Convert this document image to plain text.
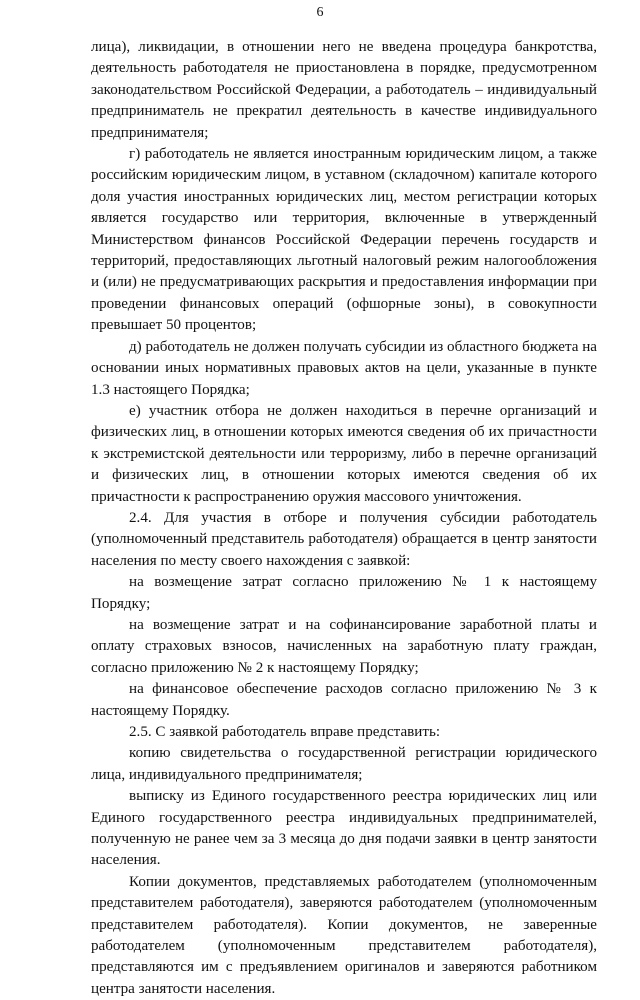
6

лица), ликвидации, в отношении него не введена процедура банкротства, деятельность работодателя не приостановлена в порядке, предусмотренном законодательством Российской Федерации, а работодатель – индивидуальный предприниматель не прекратил деятельность в качестве индивидуального предпринимателя;

г) работодатель не является иностранным юридическим лицом, а также российским юридическим лицом, в уставном (складочном) капитале которого доля участия иностранных юридических лиц, местом регистрации которых является государство или территория, включенные в утвержденный Министерством финансов Российской Федерации перечень государств и территорий, предоставляющих льготный налоговый режим налогообложения и (или) не предусматривающих раскрытия и предоставления информации при проведении финансовых операций (офшорные зоны), в совокупности превышает 50 процентов;

д) работодатель не должен получать субсидии из областного бюджета на основании иных нормативных правовых актов на цели, указанные в пункте 1.3 настоящего Порядка;

е) участник отбора не должен находиться в перечне организаций и физических лиц, в отношении которых имеются сведения об их причастности к экстремистской деятельности или терроризму, либо в перечне организаций и физических лиц, в отношении которых имеются сведения об их причастности к распространению оружия массового уничтожения.

2.4. Для участия в отборе и получения субсидии работодатель (уполномоченный представитель работодателя) обращается в центр занятости населения по месту своего нахождения с заявкой:

на возмещение затрат согласно приложению № 1 к настоящему Порядку;

на возмещение затрат и на софинансирование заработной платы и оплату страховых взносов, начисленных на заработную плату граждан, согласно приложению № 2 к настоящему Порядку;

на финансовое обеспечение расходов согласно приложению № 3 к настоящему Порядку.

2.5. С заявкой работодатель вправе представить:

копию свидетельства о государственной регистрации юридического лица, индивидуального предпринимателя;

выписку из Единого государственного реестра юридических лиц или Единого государственного реестра индивидуальных предпринимателей, полученную не ранее чем за 3 месяца до дня подачи заявки в центр занятости населения.

Копии документов, представляемых работодателем (уполномоченным представителем работодателя), заверяются работодателем (уполномоченным представителем работодателя). Копии документов, не заверенные работодателем (уполномоченным представителем работодателя), представляются им с предъявлением оригиналов и заверяются работником центра занятости населения.
